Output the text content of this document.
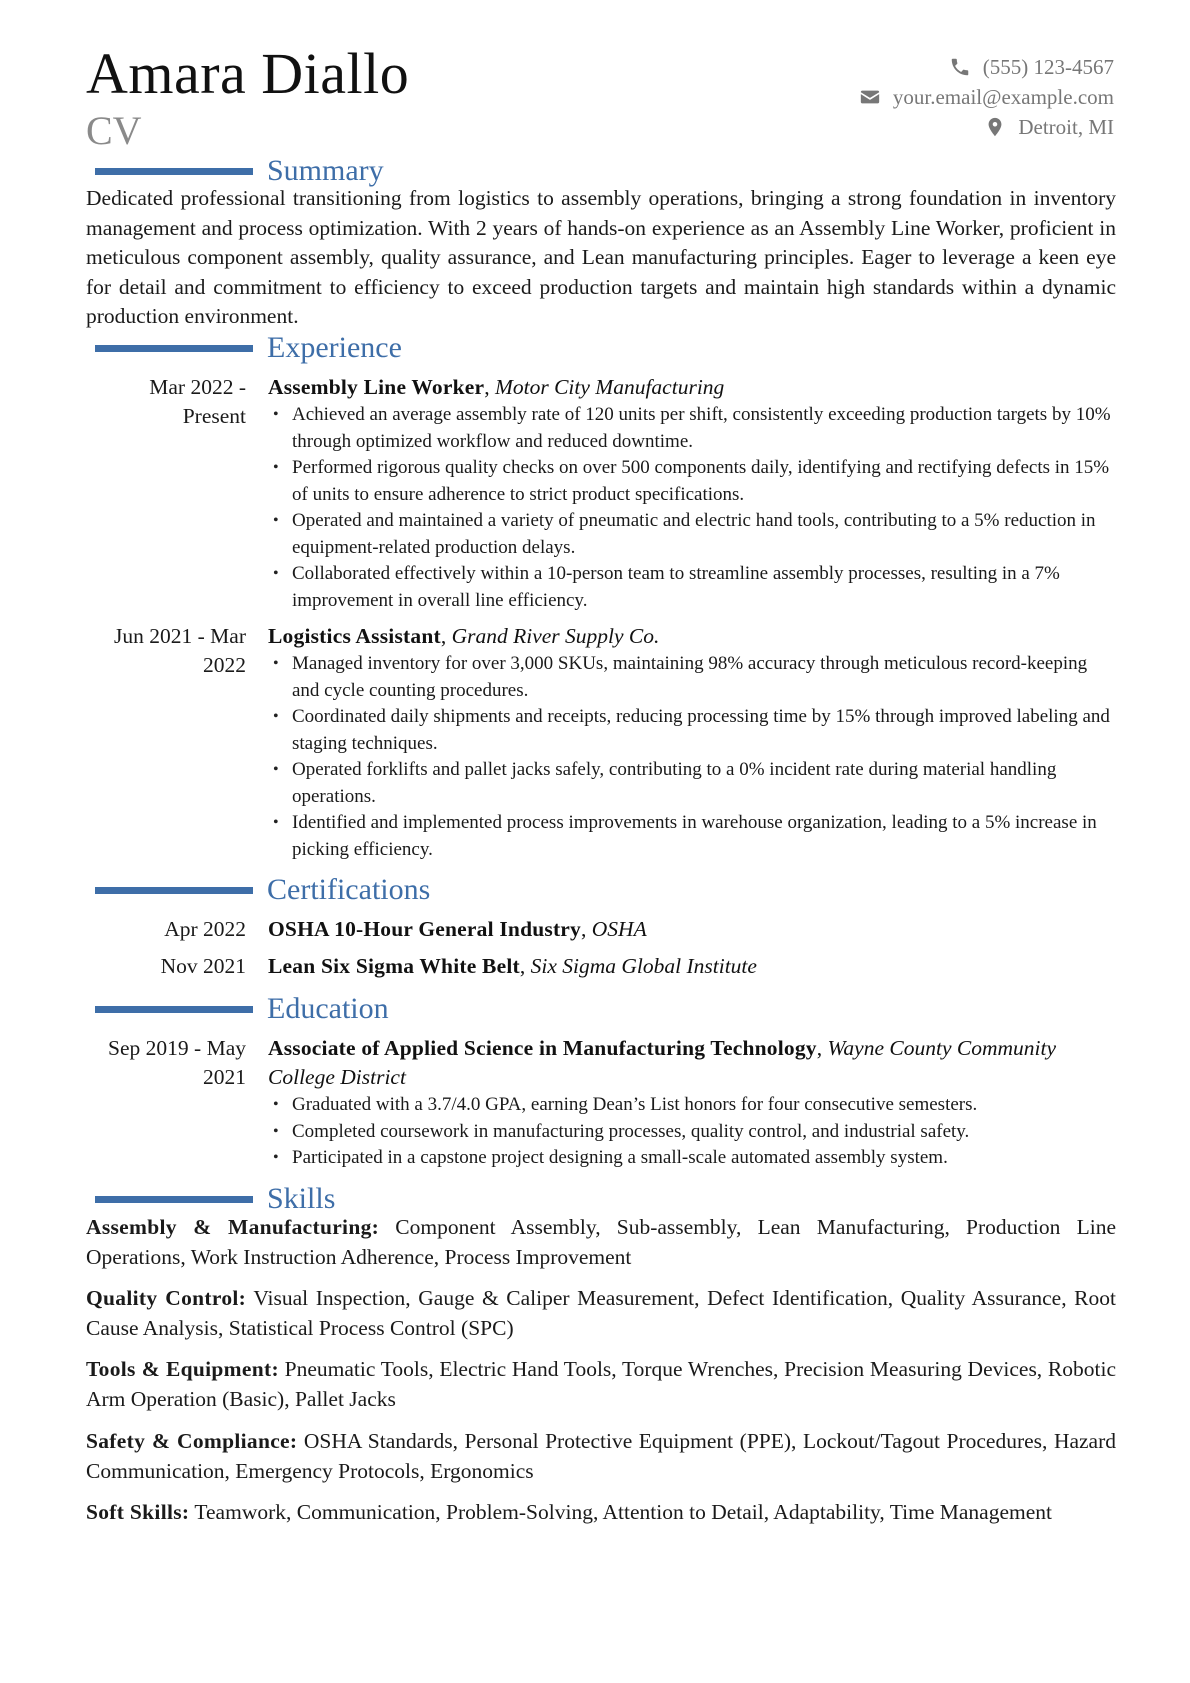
Amara Diallo
CV
(555) 123-4567
your.email@example.com
Detroit, MI
Summary
Dedicated professional transitioning from logistics to assembly operations, bringing a strong foundation in inventory management and process optimization. With 2 years of hands-on experience as an Assembly Line Worker, proficient in meticulous component assembly, quality assurance, and Lean manufacturing principles. Eager to leverage a keen eye for detail and commitment to efficiency to exceed production targets and maintain high standards within a dynamic production environment.
Experience
Mar 2022 -
Present
Assembly Line Worker, Motor City Manufacturing
• Achieved an average assembly rate of 120 units per shift, consistently exceeding production targets by 10% through optimized workflow and reduced downtime.
• Performed rigorous quality checks on over 500 components daily, identifying and rectifying defects in 15% of units to ensure adherence to strict product specifications.
• Operated and maintained a variety of pneumatic and electric hand tools, contributing to a 5% reduction in equipment-related production delays.
• Collaborated effectively within a 10-person team to streamline assembly processes, resulting in a 7% improvement in overall line efficiency.
Jun 2021 - Mar
2022
Logistics Assistant, Grand River Supply Co.
• Managed inventory for over 3,000 SKUs, maintaining 98% accuracy through meticulous record-keeping and cycle counting procedures.
• Coordinated daily shipments and receipts, reducing processing time by 15% through improved labeling and staging techniques.
• Operated forklifts and pallet jacks safely, contributing to a 0% incident rate during material handling operations.
• Identified and implemented process improvements in warehouse organization, leading to a 5% increase in picking efficiency.
Certifications
Apr 2022 OSHA 10-Hour General Industry, OSHA
Nov 2021 Lean Six Sigma White Belt, Six Sigma Global Institute
Education
Sep 2019 - May
2021
Associate of Applied Science in Manufacturing Technology, Wayne County Community College District
• Graduated with a 3.7/4.0 GPA, earning Dean’s List honors for four consecutive semesters.
• Completed coursework in manufacturing processes, quality control, and industrial safety.
• Participated in a capstone project designing a small-scale automated assembly system.
Skills
Assembly & Manufacturing: Component Assembly, Sub-assembly, Lean Manufacturing, Production Line Operations, Work Instruction Adherence, Process Improvement
Quality Control: Visual Inspection, Gauge & Caliper Measurement, Defect Identification, Quality Assurance, Root Cause Analysis, Statistical Process Control (SPC)
Tools & Equipment: Pneumatic Tools, Electric Hand Tools, Torque Wrenches, Precision Measuring Devices, Robotic Arm Operation (Basic), Pallet Jacks
Safety & Compliance: OSHA Standards, Personal Protective Equipment (PPE), Lockout/Tagout Procedures, Hazard Communication, Emergency Protocols, Ergonomics
Soft Skills: Teamwork, Communication, Problem-Solving, Attention to Detail, Adaptability, Time Management
